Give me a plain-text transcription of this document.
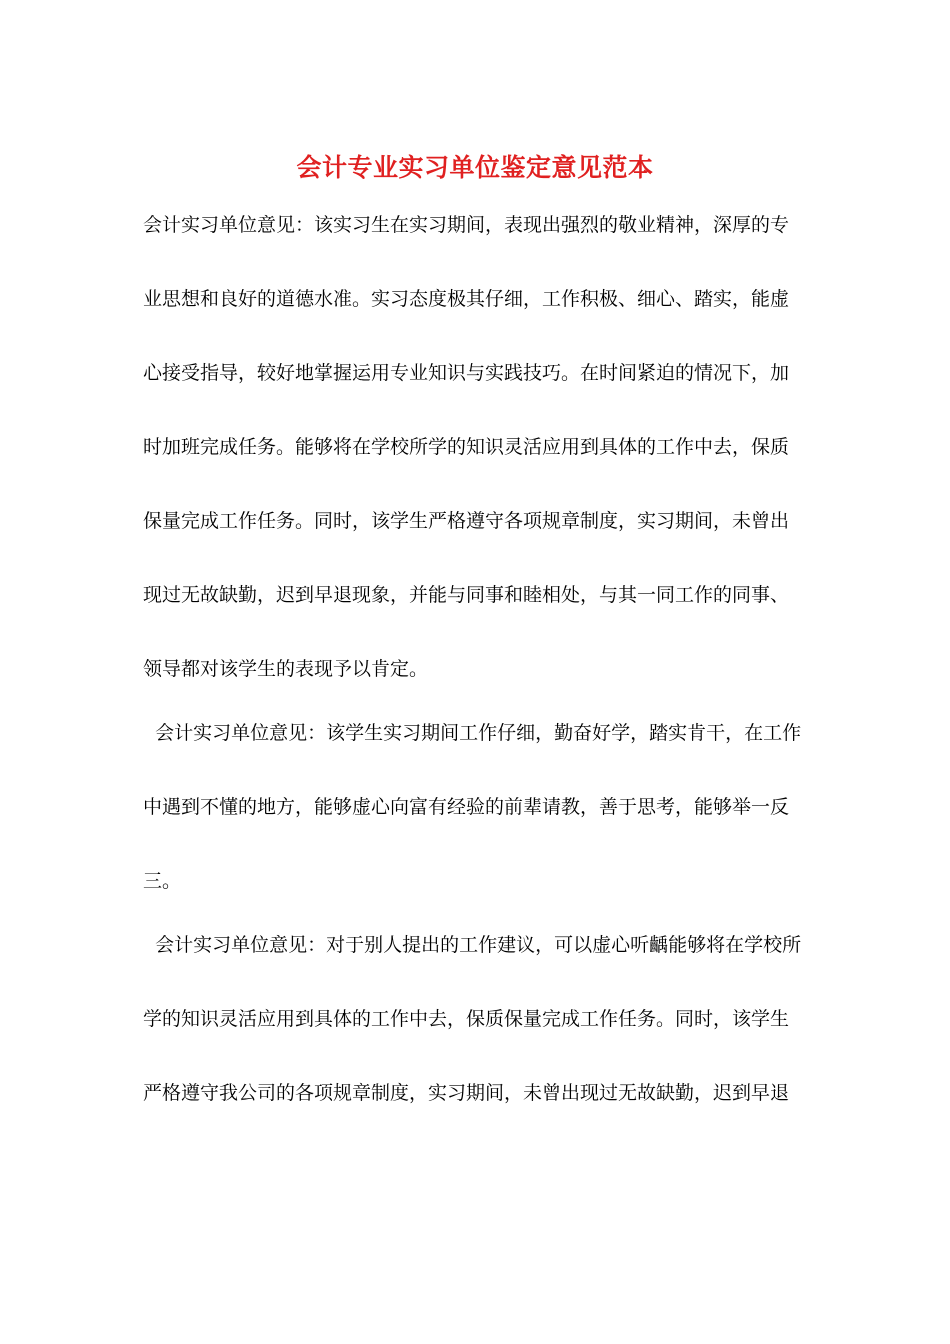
会计专业实习单位鉴定意见范本
会计实习单位意见：该实习生在实习期间，表现出强烈的敬业精神，深厚的专
业思想和良好的道德水准。实习态度极其仔细，工作积极、细心、踏实，能虚
心接受指导，较好地掌握运用专业知识与实践技巧。在时间紧迫的情况下，加
时加班完成任务。能够将在学校所学的知识灵活应用到具体的工作中去，保质
保量完成工作任务。同时，该学生严格遵守各项规章制度，实习期间，未曾出
现过无故缺勤，迟到早退现象，并能与同事和睦相处，与其一同工作的同事、
领导都对该学生的表现予以肯定。
会计实习单位意见：该学生实习期间工作仔细，勤奋好学，踏实肯干，在工作
中遇到不懂的地方，能够虚心向富有经验的前辈请教，善于思考，能够举一反
三。
会计实习单位意见：对于别人提出的工作建议，可以虚心听齲能够将在学校所
学的知识灵活应用到具体的工作中去，保质保量完成工作任务。同时，该学生
严格遵守我公司的各项规章制度，实习期间，未曾出现过无故缺勤，迟到早退
